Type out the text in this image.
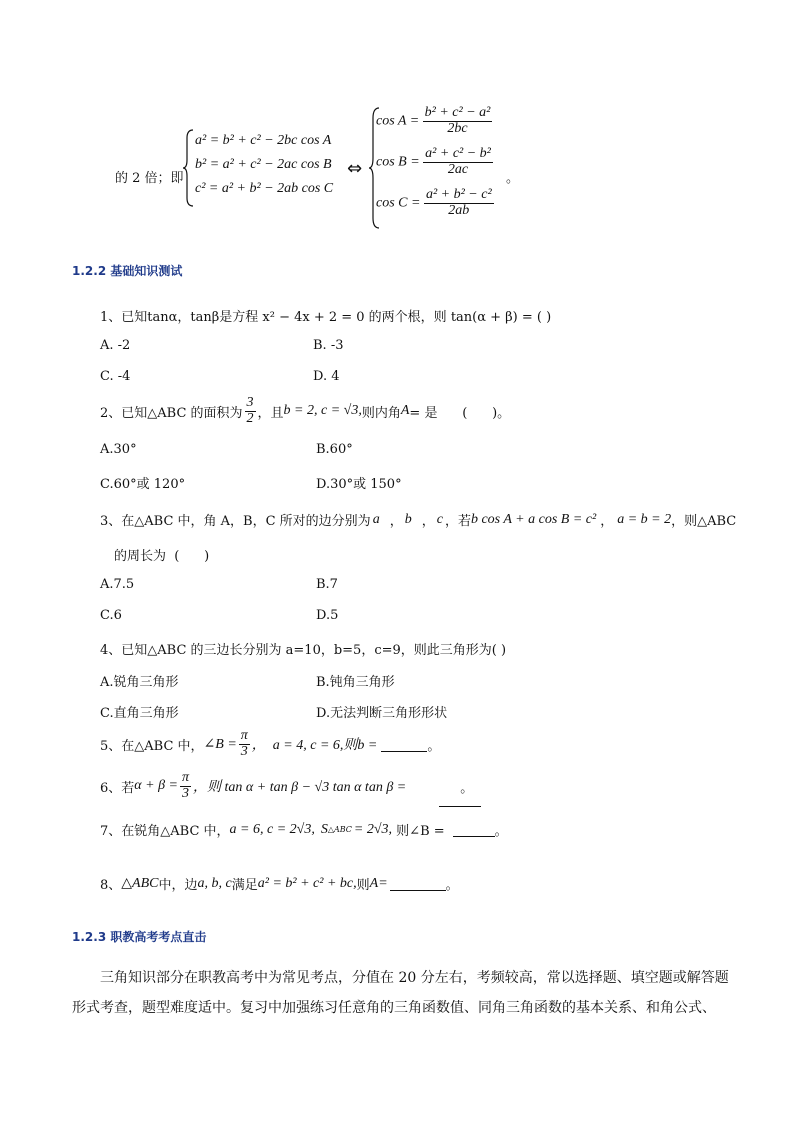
的 2 倍；即
a² = b² + c² − 2bc cos A
b² = a² + c² − 2ac cos B
c² = a² + b² − 2ab cos C
⇔
$\cos A = \frac{\text{b² + c² − a²}}{2bc}$
$\cos B = \frac{\text{a² + c² − b²}}{2ac}$
$\cos C = \frac{\text{a² + b² − c²}}{2ab}$
。
1.2.2 基础知识测试
1、已知tanα，tanβ是方程 x² − 4x + 2 = 0 的两个根，则 tan(α + β) = ( )
A. -2	B. -3
C. -4	D. 4
2、已知△ABC 的面积为 $\frac{3}{2}$ ，且 b = 2, c = √3, 则内角 A = 是      (      )。
A.30°	B.60°
C.60°或 120°	D.30°或 150°
3、在△ABC 中，角 A，B，C 所对的边分别为 a ， b ， c ，若 b cos A + a cos B = c² ， a = b = 2 ，则△ABC
的周长为  (      )
A.7.5	B.7
C.6	D.5
4、已知△ABC 的三边长分别为 a=10，b=5，c=9，则此三角形为( )
A.锐角三角形	B.钝角三角形
C.直角三角形	D.无法判断三角形形状
5、在△ABC 中， ∠B = $\frac{\pi}{3}$ ，  a = 4, c = 6, 则b =	。
6、若 $\alpha + \beta = \frac{\pi}{3}$ ，则 tan α + tan β − √3 tan α tan β =	。
7、在锐角△ABC 中， a = 6, c = 2√3, S △ABC = 2√3, 则∠B =	。
8、 △ABC 中，边 a, b, c 满足 a² = b² + c² + bc, 则 A =	。
1.2.3 职教高考考点直击
三角知识部分在职教高考中为常见考点，分值在 20 分左右，考频较高，常以选择题、填空题或解答题
形式考查，题型难度适中。复习中加强练习任意角的三角函数值、同角三角函数的基本关系、和角公式、
